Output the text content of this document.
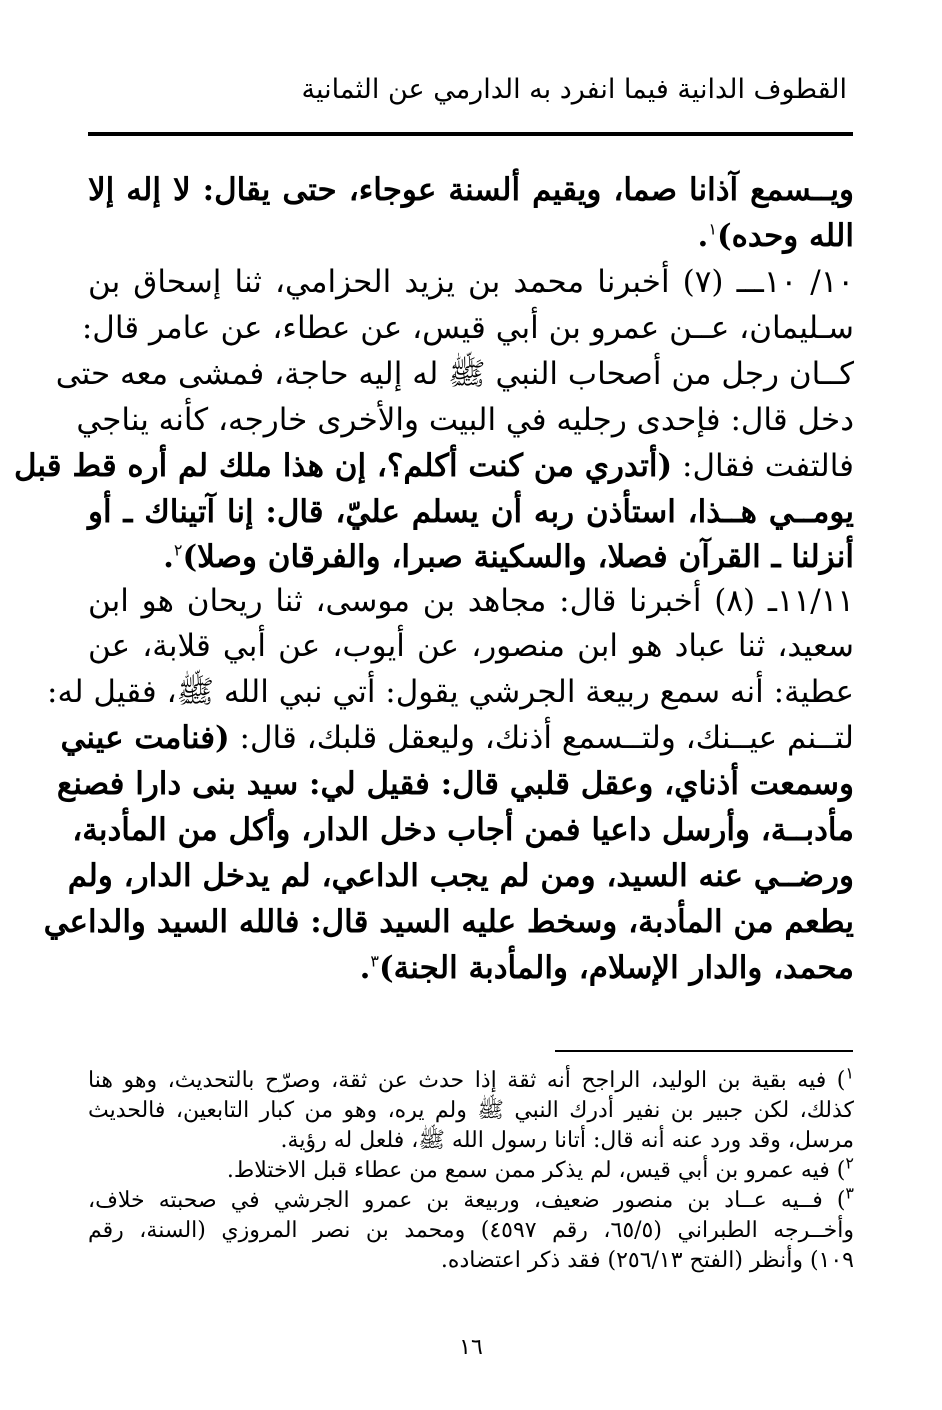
القطوف الدانية فيما انفرد به الدارمي عن الثمانية
ويــسمع آذانا صما، ويقيم ألسنة عوجاء، حتى يقال: لا إله إلا
الله وحده)$^١$.
١٠/ ١٠ـــ (٧) أخبرنا محمد بن يزيد الحزامي، ثنا إسحاق بن
سـليمان، عــن عمرو بن أبي قيس، عن عطاء، عن عامر قال:
كــان رجل من أصحاب النبي ﷺ له إليه حاجة، فمشى معه حتى
دخل قال: فإحدى رجليه في البيت والأخرى خارجه، كأنه يناجي
فالتفت فقال: (أتدري من كنت أكلم؟، إن هذا ملك لم أره قط قبل
يومــي هــذا، استأذن ربه أن يسلم عليّ، قال: إنا آتيناك ـ أو
أنزلنا ـ القرآن فصلا، والسكينة صبرا، والفرقان وصلا)$^٢$.
١١/١١ـ (٨) أخبرنا قال: مجاهد بن موسى، ثنا ريحان هو ابن
سعيد، ثنا عباد هو ابن منصور، عن أيوب، عن أبي قلابة، عن
عطية: أنه سمع ربيعة الجرشي يقول: أتي نبي الله ﷺ، فقيل له:
لتــنم عيــنك، ولتــسمع أذنك، وليعقل قلبك، قال: (فنامت عيني
وسمعت أذناي، وعقل قلبي قال: فقيل لي: سيد بنى دارا فصنع
مأدبــة، وأرسل داعيا فمن أجاب دخل الدار، وأكل من المأدبة،
ورضــي عنه السيد، ومن لم يجب الداعي، لم يدخل الدار، ولم
يطعم من المأدبة، وسخط عليه السيد قال: فالله السيد والداعي
محمد، والدار الإسلام، والمأدبة الجنة)$^٣$.
$^١$) فيه بقية بن الوليد، الراجح أنه ثقة إذا حدث عن ثقة، وصرّح بالتحديث، وهو هنا
كذلك، لكن جبير بن نفير أدرك النبي ﷺ ولم يره، وهو من كبار التابعين، فالحديث
مرسل، وقد ورد عنه أنه قال: أتانا رسول الله ﷺ، فلعل له رؤية.
$^٢$) فيه عمرو بن أبي قيس، لم يذكر ممن سمع من عطاء قبل الاختلاط.
$^٣$) فــيه عــاد بن منصور ضعيف، وربيعة بن عمرو الجرشي في صحبته خلاف،
وأخــرجه الطبراني (٦٥/٥، رقم ٤٥٩٧) ومحمد بن نصر المروزي (السنة، رقم
١٠٩) وأنظر (الفتح ٢٥٦/١٣) فقد ذكر اعتضاده.
١٦
